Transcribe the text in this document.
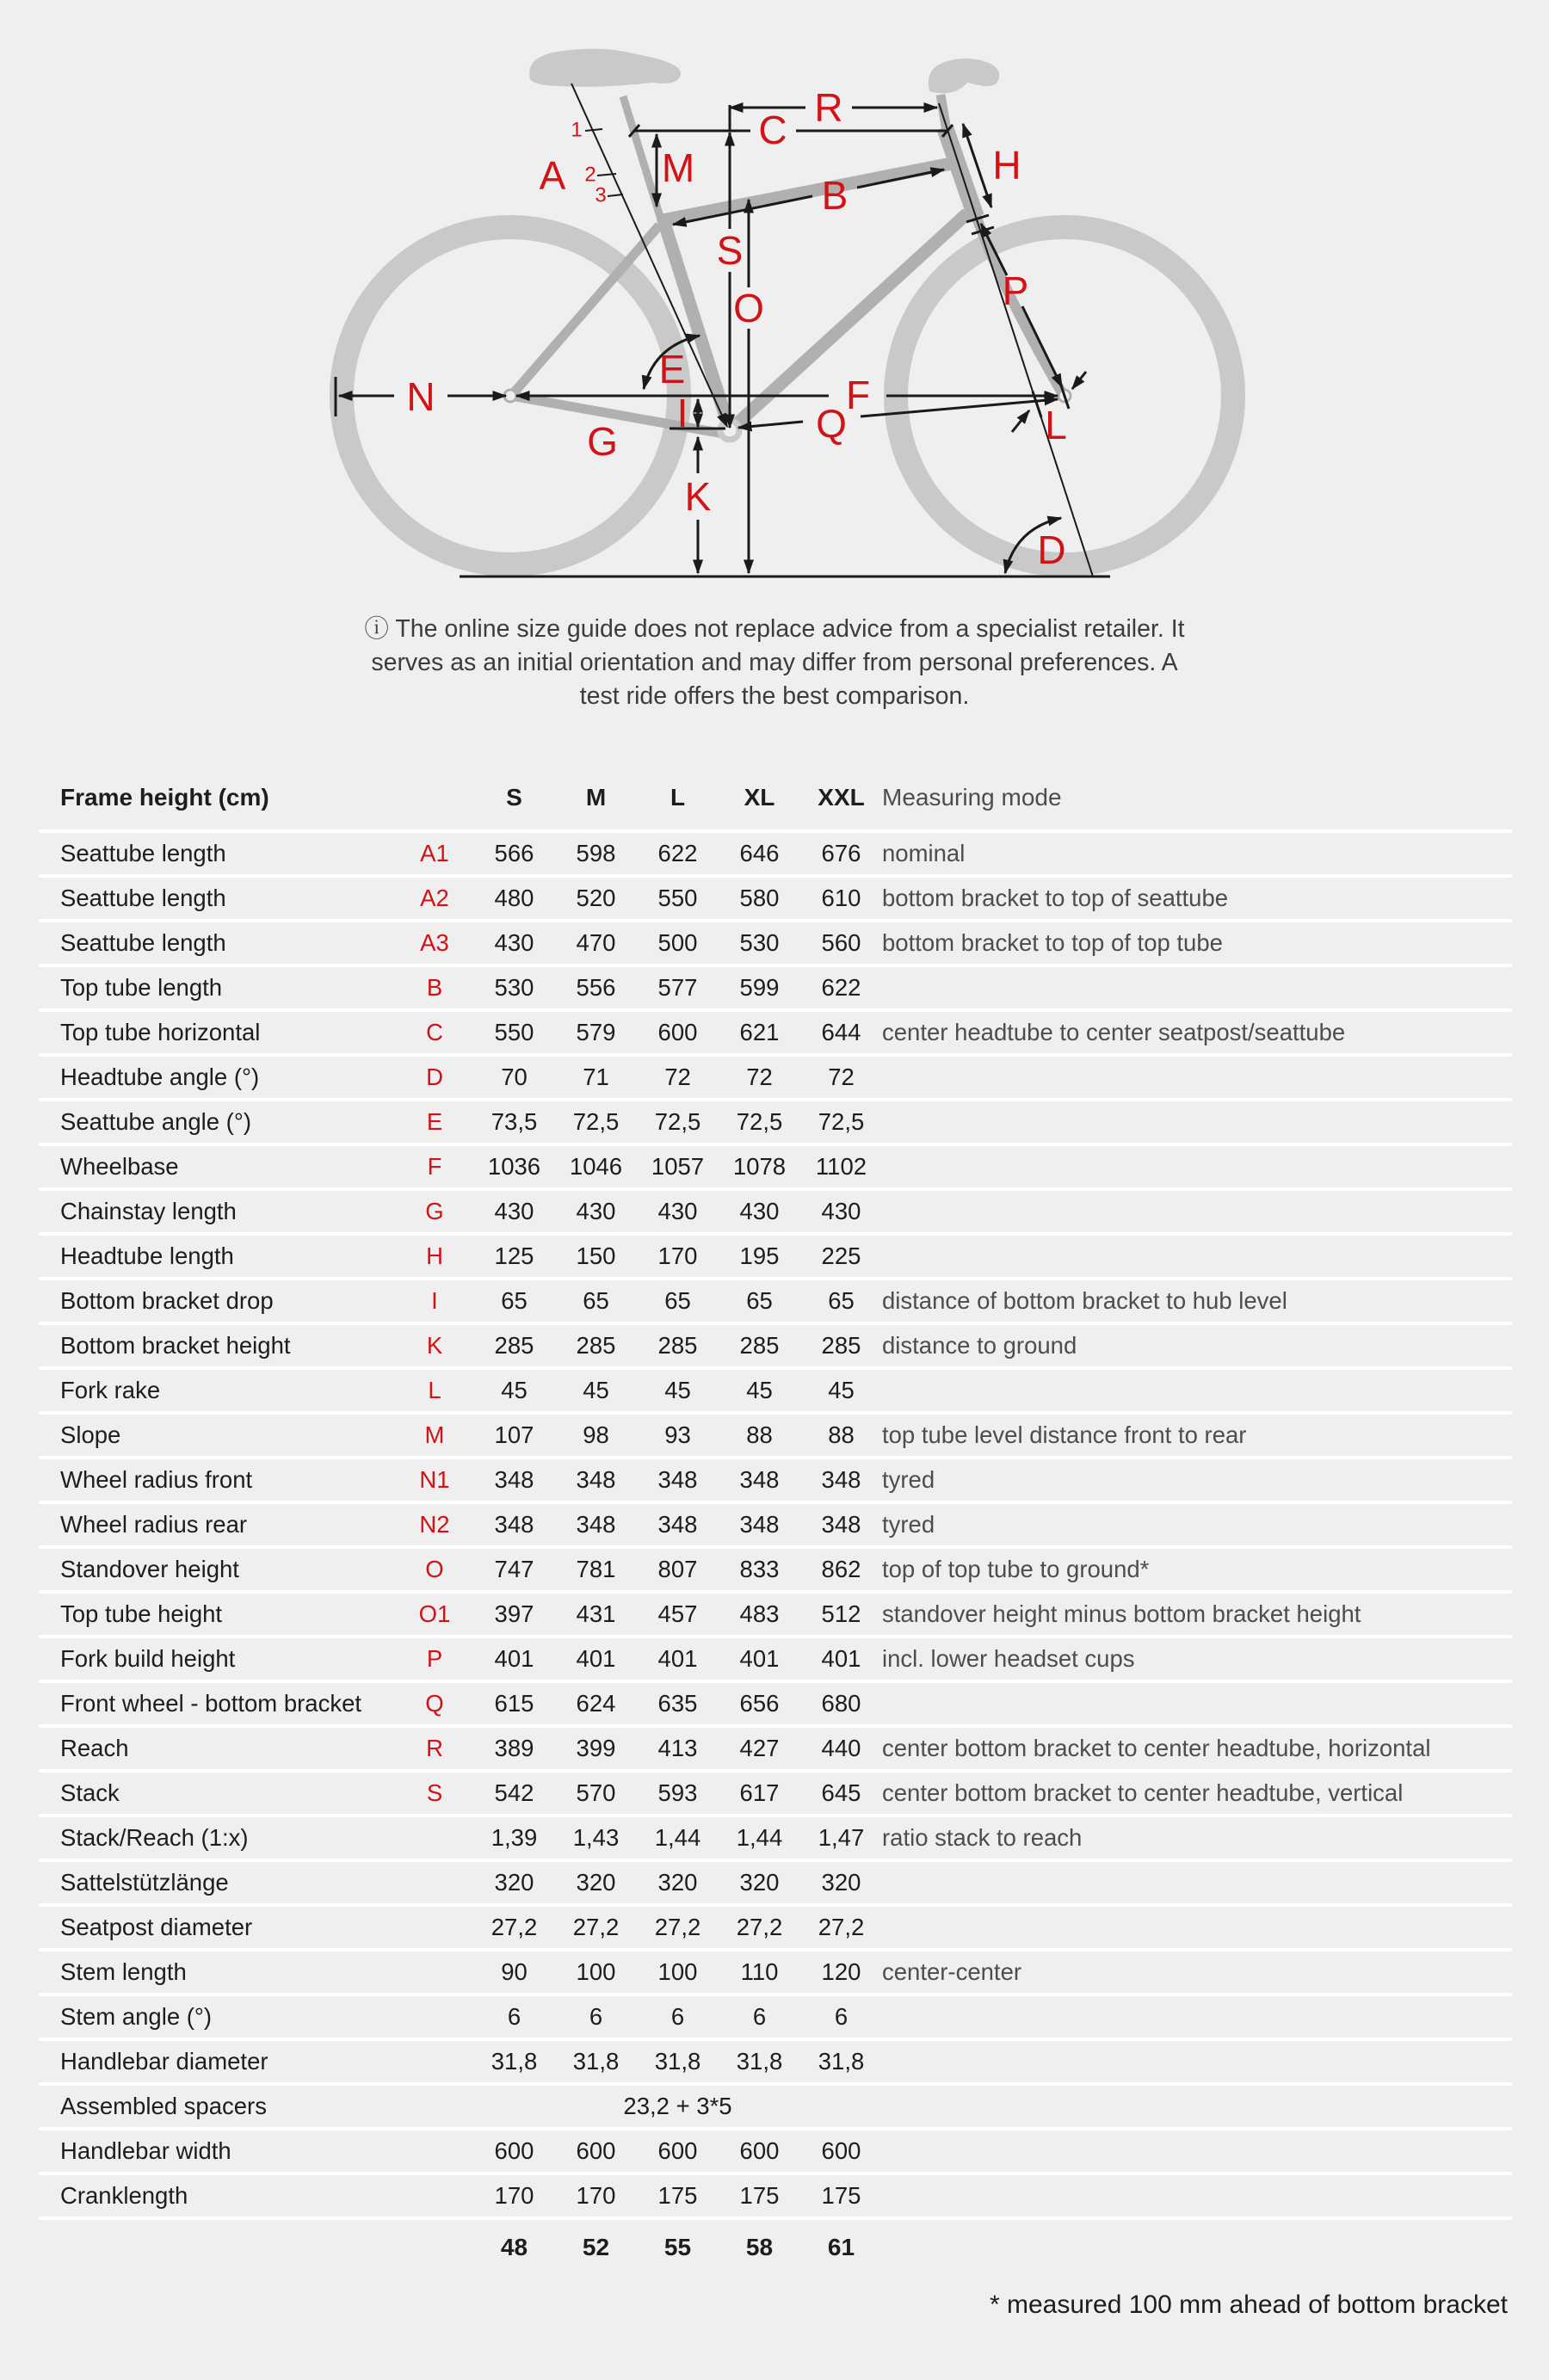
A
1
2
3	B
C
D
E
F
G
H
I
K
L
M
N
O	P
Q
R
S
ⓘ The online size guide does not replace advice from a specialist retailer. It
serves as an initial orientation and may differ from personal preferences. A
test ride offers the best comparison.
Frame height (cm)	S	M	L	XL	XXL Measuring mode
Seattube length	A1	566	598	622	646	676 nominal
Seattube length	A2	480	520	550	580	610 bottom bracket to top of seattube
Seattube length	A3	430	470	500	530	560 bottom bracket to top of top tube
Top tube length	B	530	556	577	599	622
Top tube horizontal	C	550	579	600	621	644 center headtube to center seatpost/seattube
Headtube angle (°)	D	70	71	72	72	72
Seattube angle (°)	E	73,5	72,5	72,5	72,5	72,5
Wheelbase	F	1036	1046	1057	1078	1102
Chainstay length	G	430	430	430	430	430
Headtube length	H	125	150	170	195	225
Bottom bracket drop	I	65	65	65	65	65	distance of bottom bracket to hub level
Bottom bracket height	K	285	285	285	285	285 distance to ground
Fork rake	L	45	45	45	45	45
Slope	M	107	98	93	88	88	top tube level distance front to rear
Wheel radius front	N1	348	348	348	348	348 tyred
Wheel radius rear	N2	348	348	348	348	348 tyred
Standover height	O	747	781	807	833	862 top of top tube to ground*
Top tube height	O1	397	431	457	483	512 standover height minus bottom bracket height
Fork build height	P	401	401	401	401	401 incl. lower headset cups
Front wheel - bottom bracket	Q	615	624	635	656	680
Reach	R	389	399	413	427	440 center bottom bracket to center headtube, horizontal
Stack	S	542	570	593	617	645 center bottom bracket to center headtube, vertical
Stack/Reach (1:x)	1,39	1,43	1,44	1,44	1,47 ratio stack to reach
Sattelstützlänge	320	320	320	320	320
Seatpost diameter	27,2	27,2	27,2	27,2	27,2
Stem length	90	100	100	110	120 center-center
Stem angle (°)	6	6	6	6	6
Handlebar diameter	31,8	31,8	31,8	31,8	31,8
Assembled spacers	23,2 + 3*5
Handlebar width	600	600	600	600	600
Cranklength	170	170	175	175	175
48	52	55	58	61
* measured 100 mm ahead of bottom bracket
